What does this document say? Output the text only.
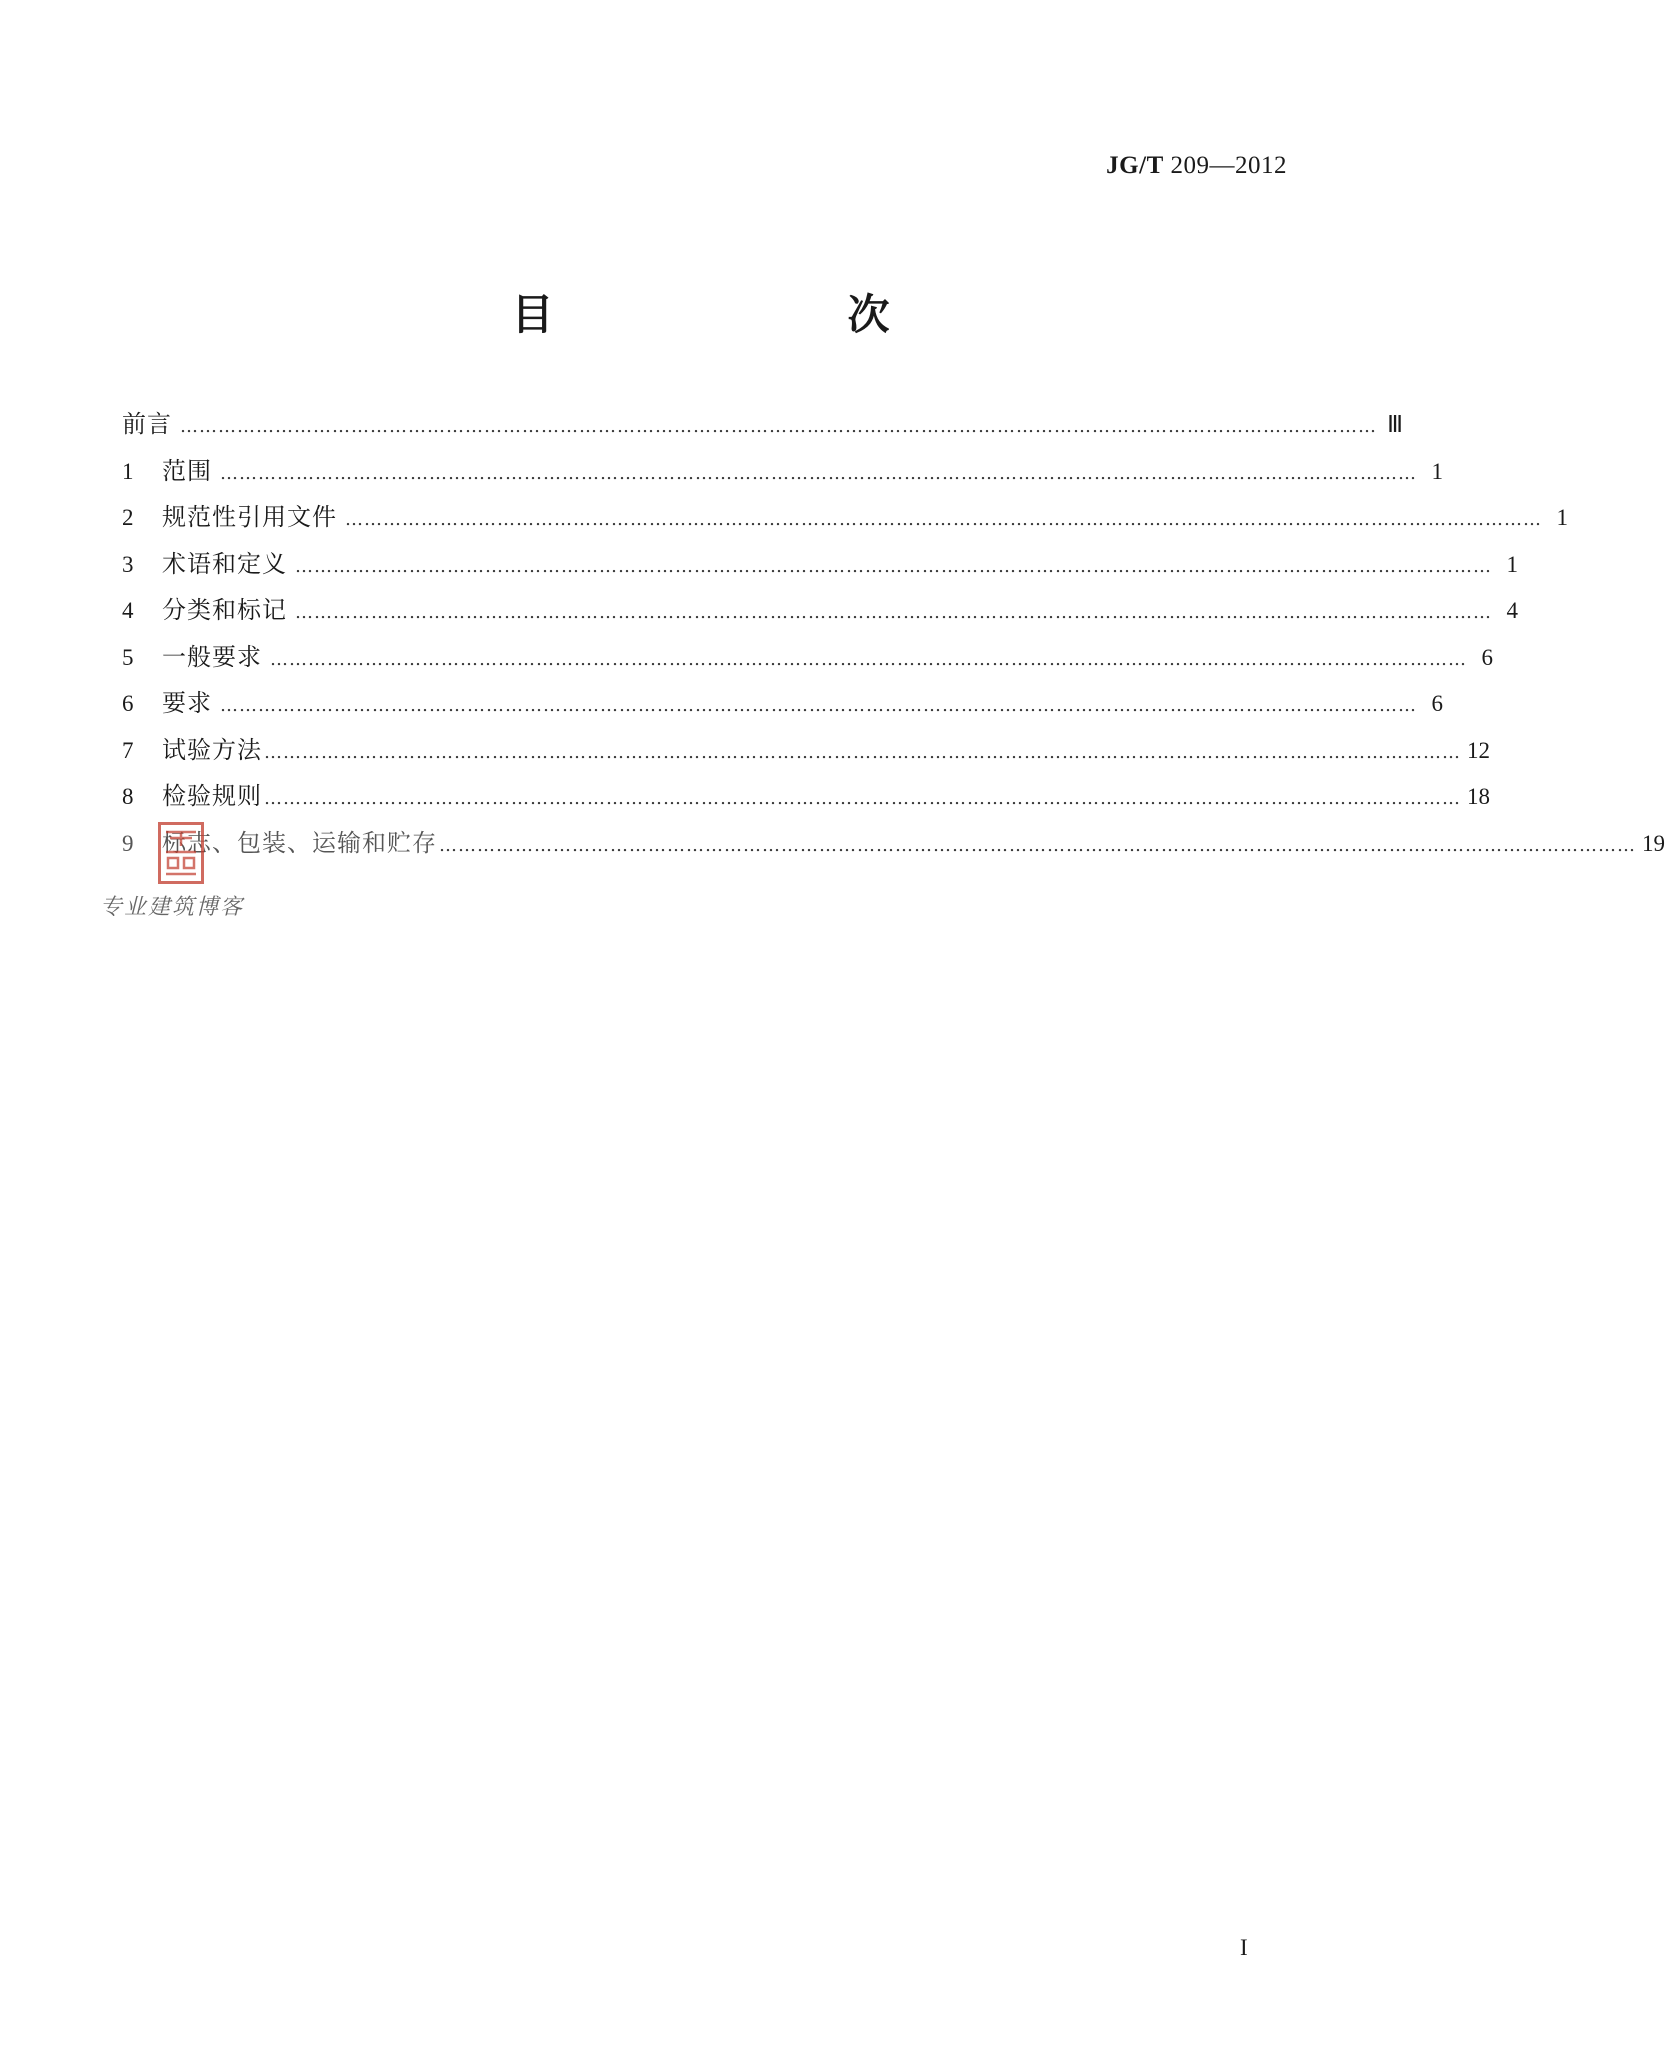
JG/T 209—2012
目　　次
前言 ……………………………………………………………………………………………………………………………………………………………………… Ⅲ
1	范围 ……………………………………………………………………………………………………………………………………………………………………… 1
2	规范性引用文件 ……………………………………………………………………………………………………………………………………………………………………… 1
3	术语和定义 ……………………………………………………………………………………………………………………………………………………………………… 1
4	分类和标记 ……………………………………………………………………………………………………………………………………………………………………… 4
5	一般要求 ……………………………………………………………………………………………………………………………………………………………………… 6
6	要求 ……………………………………………………………………………………………………………………………………………………………………… 6
7	试验方法 ……………………………………………………………………………………………………………………………………………………………………… 12
8	检验规则 ……………………………………………………………………………………………………………………………………………………………………… 18
9	标志、包装、运输和贮存 ……………………………………………………………………………………………………………………………………………………………………… 19
专业建筑博客
I
